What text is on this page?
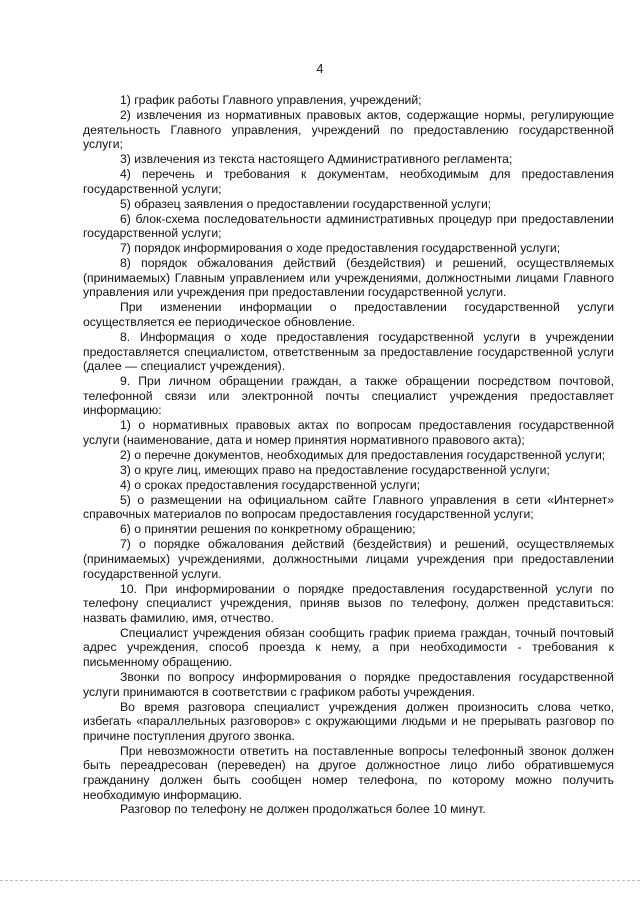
4

1) график работы Главного управления, учреждений;

2) извлечения из нормативных правовых актов, содержащие нормы, регулирующие деятельность Главного управления, учреждений по предоставлению государственной услуги;

3) извлечения из текста настоящего Административного регламента;

4) перечень и требования к документам, необходимым для предоставления государственной услуги;

5) образец заявления о предоставлении государственной услуги;

6) блок-схема последовательности административных процедур при предоставлении государственной услуги;

7) порядок информирования о ходе предоставления государственной услуги;

8) порядок обжалования действий (бездействия) и решений, осуществляемых (принимаемых) Главным управлением или учреждениями, должностными лицами Главного управления или учреждения при предоставлении государственной услуги.

При изменении информации о предоставлении государственной услуги осуществляется ее периодическое обновление.

8. Информация о ходе предоставления государственной услуги в учреждении предоставляется специалистом, ответственным за предоставление государственной услуги (далее — специалист учреждения).

9. При личном обращении граждан, а также обращении посредством почтовой, телефонной связи или электронной почты специалист учреждения предоставляет информацию:

1) о нормативных правовых актах по вопросам предоставления государственной услуги (наименование, дата и номер принятия нормативного правового акта);

2) о перечне документов, необходимых для предоставления государственной услуги;

3) о круге лиц, имеющих право на предоставление государственной услуги;

4) о сроках предоставления государственной услуги;

5) о размещении на официальном сайте Главного управления в сети «Интернет» справочных материалов по вопросам предоставления государственной услуги;

6) о принятии решения по конкретному обращению;

7) о порядке обжалования действий (бездействия) и решений, осуществляемых (принимаемых) учреждениями, должностными лицами учреждения при предоставлении государственной услуги.

10. При информировании о порядке предоставления государственной услуги по телефону специалист учреждения, приняв вызов по телефону, должен представиться: назвать фамилию, имя, отчество.

Специалист учреждения обязан сообщить график приема граждан, точный почтовый адрес учреждения, способ проезда к нему, а при необходимости - требования к письменному обращению.

Звонки по вопросу информирования о порядке предоставления государственной услуги принимаются в соответствии с графиком работы учреждения.

Во время разговора специалист учреждения должен произносить слова четко, избегать «параллельных разговоров» с окружающими людьми и не прерывать разговор по причине поступления другого звонка.

При невозможности ответить на поставленные вопросы телефонный звонок должен быть переадресован (переведен) на другое должностное лицо либо обратившемуся гражданину должен быть сообщен номер телефона, по которому можно получить необходимую информацию.

Разговор по телефону не должен продолжаться более 10 минут.
